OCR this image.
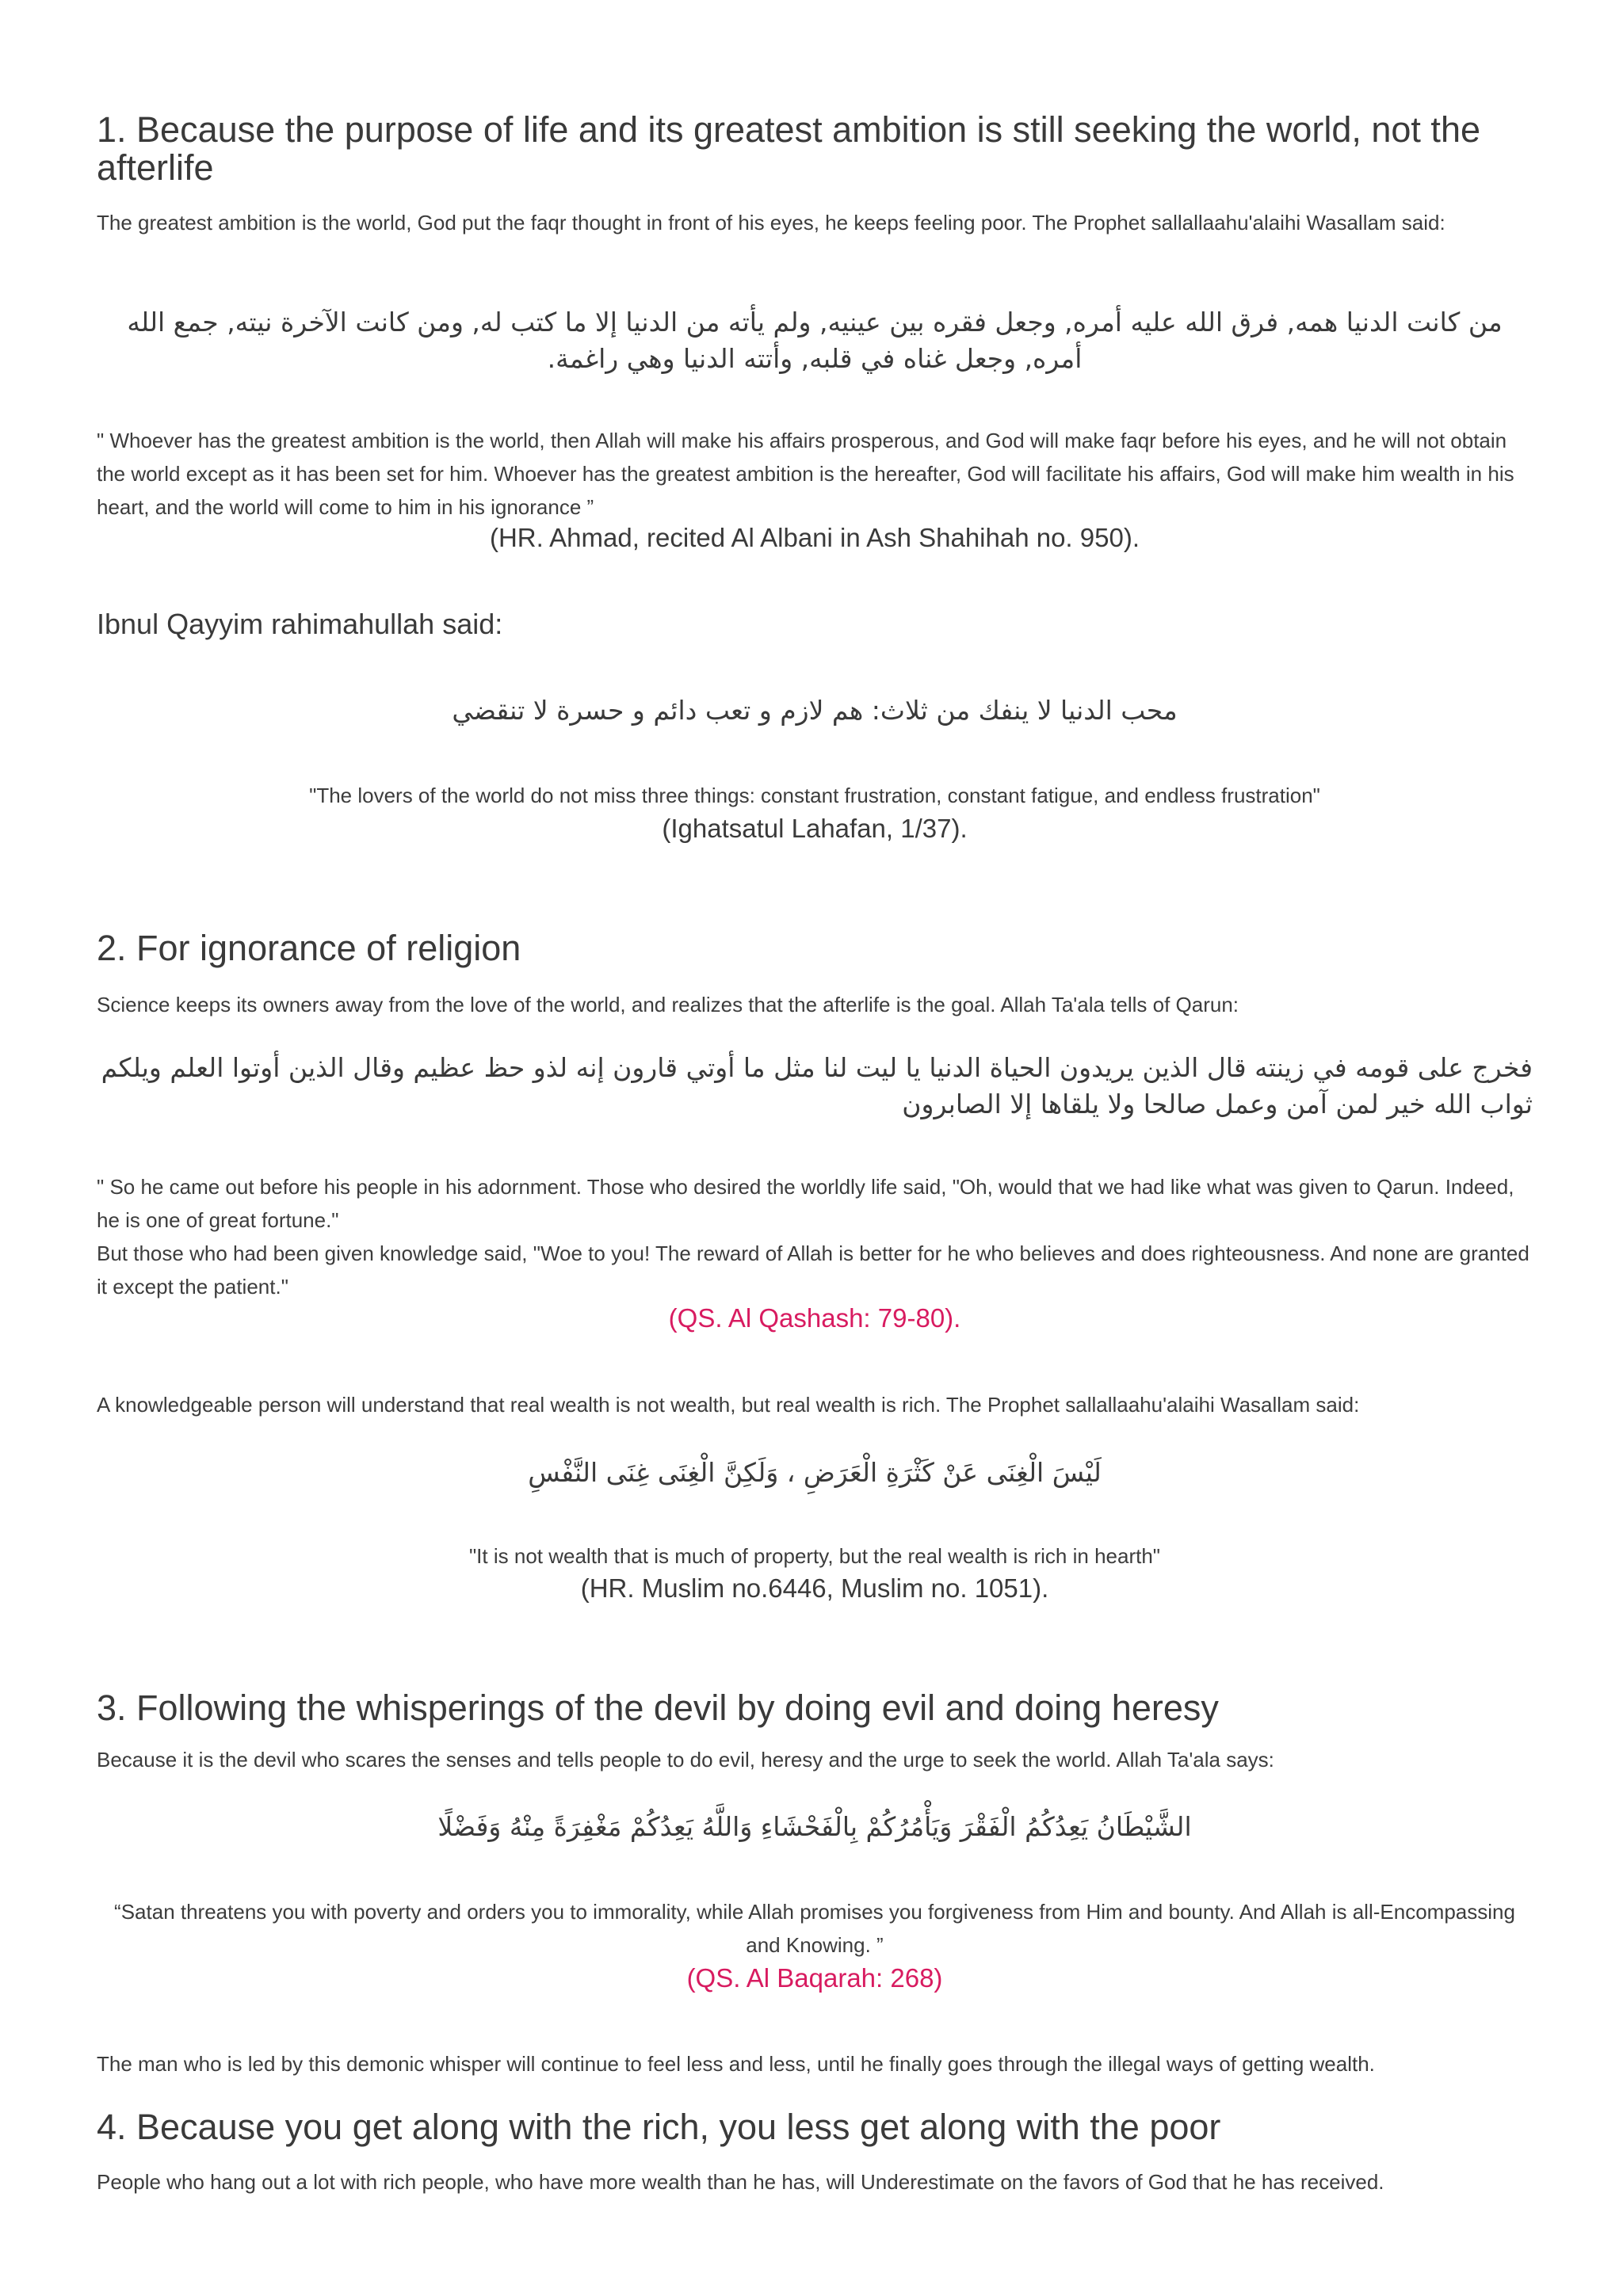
1. Because the purpose of life and its greatest ambition is still seeking the world, not the afterlife

The greatest ambition is the world, God put the faqr thought in front of his eyes, he keeps feeling poor. The Prophet sallallaahu'alaihi Wasallam said:

من كانت الدنيا همه, فرق الله عليه أمره, وجعل فقره بين عينيه, ولم يأته من الدنيا إلا ما كتب له, ومن كانت الآخرة نيته, جمع الله أمره, وجعل غناه في قلبه, وأتته الدنيا وهي راغمة.

" Whoever has the greatest ambition is the world, then Allah will make his affairs prosperous, and God will make faqr before his eyes, and he will not obtain the world except as it has been set for him. Whoever has the greatest ambition is the hereafter, God will facilitate his affairs, God will make him wealth in his heart, and the world will come to him in his ignorance ”

(HR. Ahmad, recited Al Albani in Ash Shahihah no. 950).

Ibnul Qayyim rahimahullah said:

محب الدنيا لا ينفك من ثلاث: هم لازم و تعب دائم و حسرة لا تنقضي

"The lovers of the world do not miss three things: constant frustration, constant fatigue, and endless frustration"

(Ighatsatul Lahafan, 1/37).

2. For ignorance of religion

Science keeps its owners away from the love of the world, and realizes that the afterlife is the goal. Allah Ta'ala tells of Qarun:

فخرج على قومه في زينته قال الذين يريدون الحياة الدنيا يا ليت لنا مثل ما أوتي قارون إنه لذو حظ عظيم وقال الذين أوتوا العلم ويلكم ثواب الله خير لمن آمن وعمل صالحا ولا يلقاها إلا الصابرون

" So he came out before his people in his adornment. Those who desired the worldly life said, "Oh, would that we had like what was given to Qarun. Indeed, he is one of great fortune."

But those who had been given knowledge said, "Woe to you! The reward of Allah is better for he who believes and does righteousness. And none are granted it except the patient."

(QS. Al Qashash: 79-80).

A knowledgeable person will understand that real wealth is not wealth, but real wealth is rich. The Prophet sallallaahu'alaihi Wasallam said:

لَيْسَ الْغِنَى عَنْ كَثْرَةِ الْعَرَضِ ، وَلَكِنَّ الْغِنَى غِنَى النَّفْسِ

"It is not wealth that is much of property, but the real wealth is rich in hearth"

(HR. Muslim no.6446, Muslim no. 1051).

3. Following the whisperings of the devil by doing evil and doing heresy

Because it is the devil who scares the senses and tells people to do evil, heresy and the urge to seek the world. Allah Ta'ala says:

الشَّيْطَانُ يَعِدُكُمُ الْفَقْرَ وَيَأْمُرُكُمْ بِالْفَحْشَاءِ وَاللَّهُ يَعِدُكُمْ مَغْفِرَةً مِنْهُ وَفَضْلًا

“Satan threatens you with poverty and orders you to immorality, while Allah promises you forgiveness from Him and bounty. And Allah is all-Encompassing and Knowing. ”

(QS. Al Baqarah: 268)

The man who is led by this demonic whisper will continue to feel less and less, until he finally goes through the illegal ways of getting wealth.

4. Because you get along with the rich, you less get along with the poor

People who hang out a lot with rich people, who have more wealth than he has, will Underestimate on the favors of God that he has received.
